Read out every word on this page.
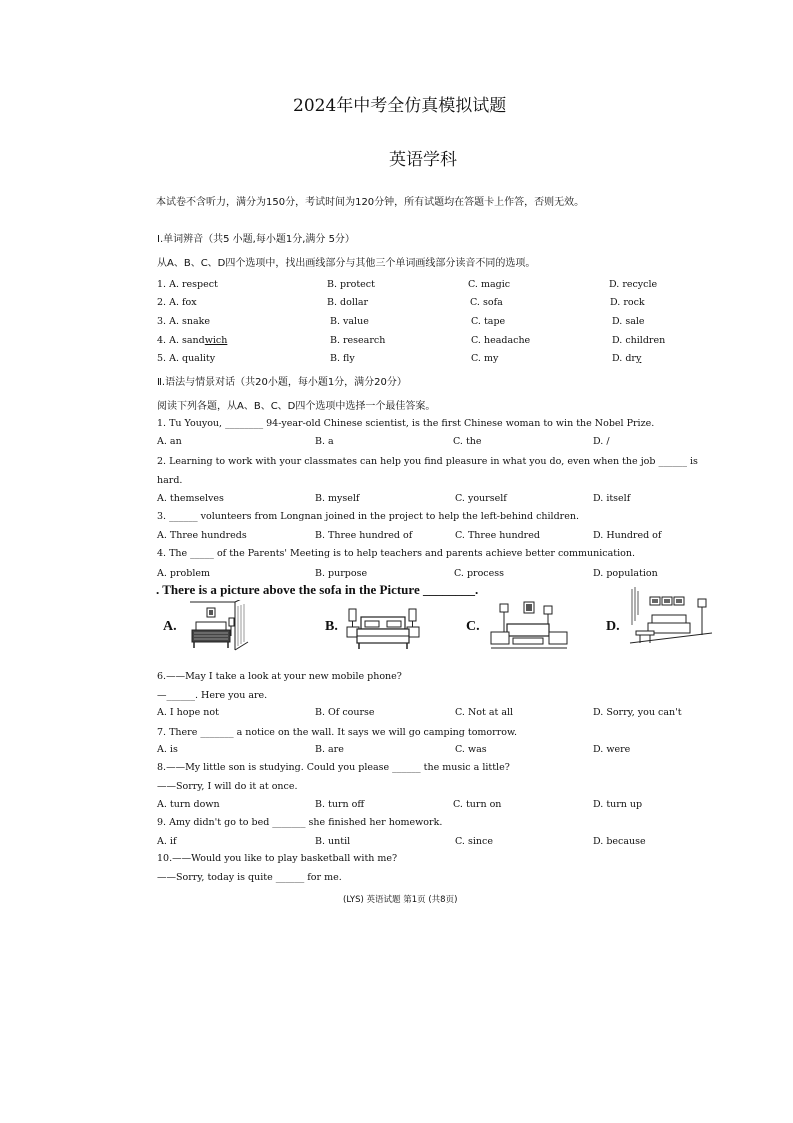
2024年中考全仿真模拟试题
英语学科
本试卷不含听力，满分为150分，考试时间为120分钟，所有试题均在答题卡上作答，否则无效。
Ⅰ.单词辨音（共5 小题,每小题1分,满分 5分）
从A、B、C、D四个选项中，找出画线部分与其他三个单词画线部分读音不同的选项。
1. A. respect	B. protect	C. magic	D. recycle
2. A. fox	B. dollar	C. sofa	D. rock
3. A. snake	B. value	C. tape	D. sale
4. A. sandwich	B. research	C. headache	D. children
5. A. quality	B. fly	C. my	D. dry
Ⅱ.语法与情景对话（共20小题，每小题1分，满分20分）
阅读下列各题，从A、B、C、D四个选项中选择一个最佳答案。
1. Tu Youyou, ________ 94-year-old Chinese scientist, is the first Chinese woman to win the Nobel Prize.
A. an	B. a	C. the	D. /
2. Learning to work with your classmates can help you find pleasure in what you do, even when the job ______ is
hard.
A. themselves	B. myself	C. yourself	D. itself
3. ______ volunteers from Longnan joined in the project to help the left-behind children.
A. Three hundreds	B. Three hundred of	C. Three hundred	D. Hundred of
4. The _____ of the Parents' Meeting is to help teachers and parents achieve better communication.
A. problem	B. purpose	C. process	D. population
. There is a picture above the sofa in the Picture ________.
A.	B.	C.	D.
6.——May I take a look at your new mobile phone?
—______. Here you are.
A. I hope not	B. Of course	C. Not at all	D. Sorry, you can't
7. There _______ a notice on the wall. It says we will go camping tomorrow.
A. is	B. are	C. was	D. were
8.——My little son is studying. Could you please ______ the music a little?
——Sorry, I will do it at once.
A. turn down	B. turn off	C. turn on	D. turn up
9. Amy didn't go to bed _______ she finished her homework.
A. if	B. until	C. since	D. because
10.——Would you like to play basketball with me?
——Sorry, today is quite ______ for me.
(LYS) 英语试题 第1页 (共8页)
